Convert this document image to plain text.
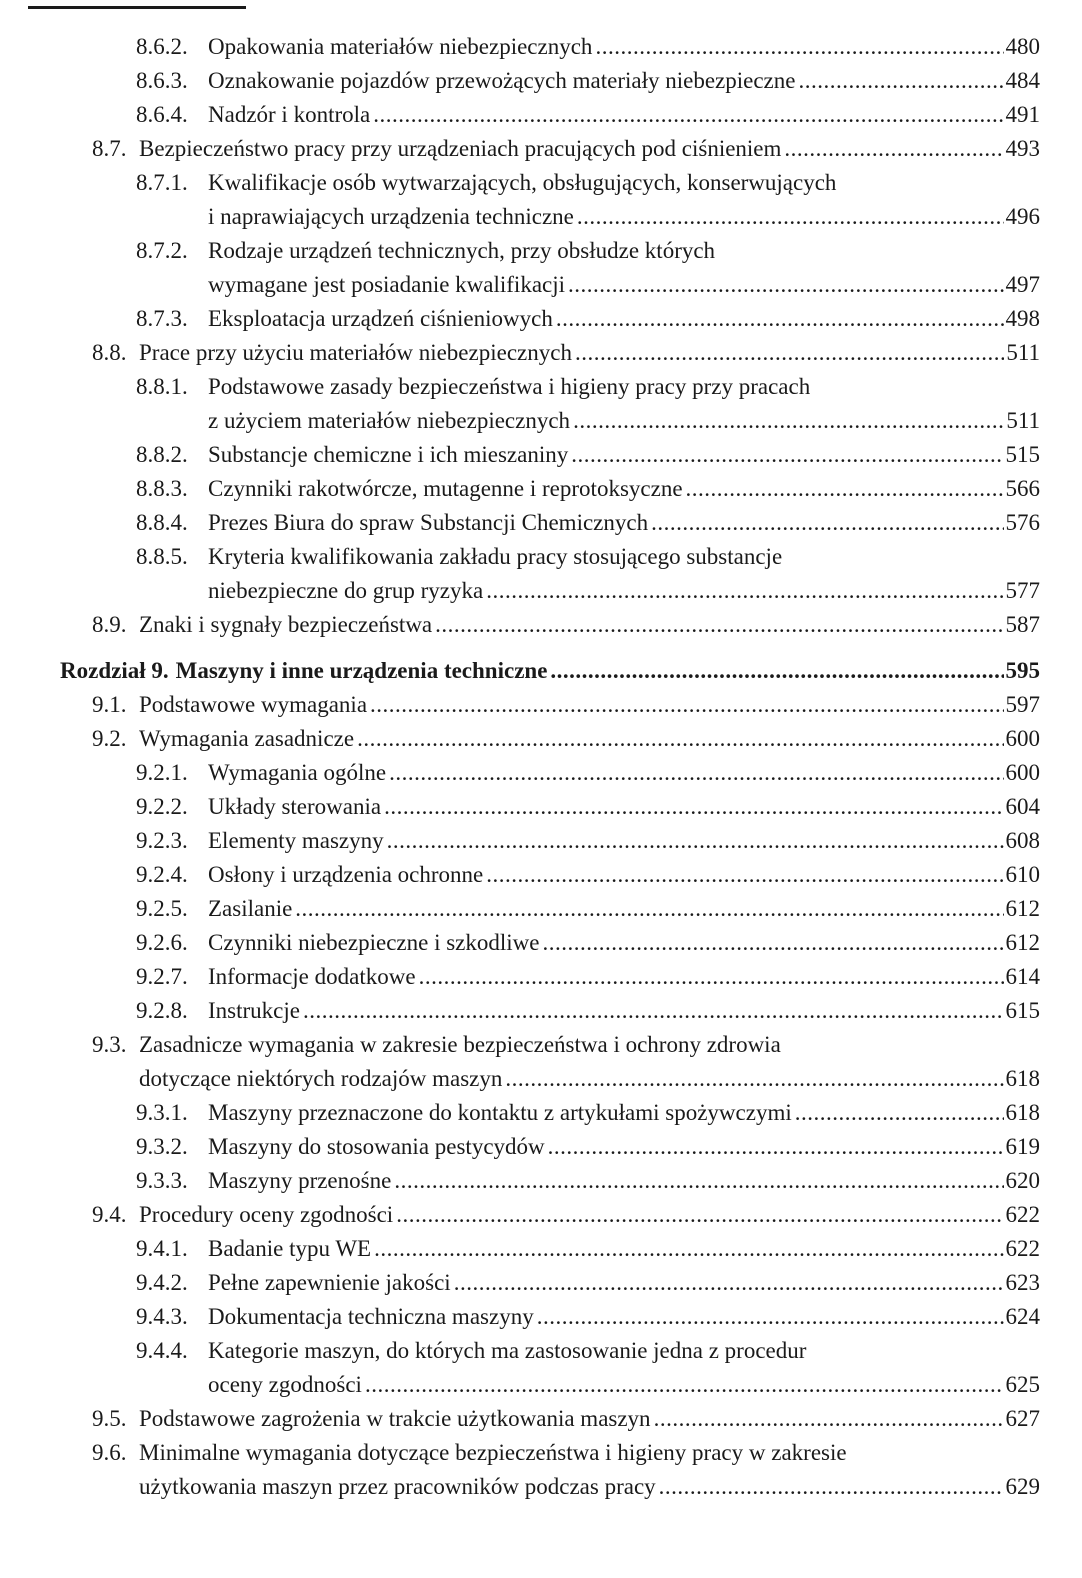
8.6.2. Opakowania materiałów niebezpiecznych .....	480
8.6.3. Oznakowanie pojazdów przewożących materiały niebezpieczne .....	484
8.6.4. Nadzór i kontrola .....	491
8.7. Bezpieczeństwo pracy przy urządzeniach pracujących pod ciśnieniem .....	493
8.7.1. Kwalifikacje osób wytwarzających, obsługujących, konserwujących
i naprawiających urządzenia techniczne .....	496
8.7.2. Rodzaje urządzeń technicznych, przy obsłudze których
wymagane jest posiadanie kwalifikacji .....	497
8.7.3. Eksploatacja urządzeń ciśnieniowych .....	498
8.8. Prace przy użyciu materiałów niebezpiecznych .....	511
8.8.1. Podstawowe zasady bezpieczeństwa i higieny pracy przy pracach
z użyciem materiałów niebezpiecznych .....	511
8.8.2. Substancje chemiczne i ich mieszaniny .....	515
8.8.3. Czynniki rakotwórcze, mutagenne i reprotoksyczne .....	566
8.8.4. Prezes Biura do spraw Substancji Chemicznych .....	576
8.8.5. Kryteria kwalifikowania zakładu pracy stosującego substancje
niebezpieczne do grup ryzyka .....	577
8.9. Znaki i sygnały bezpieczeństwa .....	587
Rozdział 9. Maszyny i inne urządzenia techniczne .....	595
9.1. Podstawowe wymagania .....	597
9.2. Wymagania zasadnicze .....	600
9.2.1. Wymagania ogólne .....	600
9.2.2. Układy sterowania .....	604
9.2.3. Elementy maszyny .....	608
9.2.4. Osłony i urządzenia ochronne .....	610
9.2.5. Zasilanie .....	612
9.2.6. Czynniki niebezpieczne i szkodliwe .....	612
9.2.7. Informacje dodatkowe .....	614
9.2.8. Instrukcje .....	615
9.3. Zasadnicze wymagania w zakresie bezpieczeństwa i ochrony zdrowia
dotyczące niektórych rodzajów maszyn .....	618
9.3.1. Maszyny przeznaczone do kontaktu z artykułami spożywczymi .....	618
9.3.2. Maszyny do stosowania pestycydów .....	619
9.3.3. Maszyny przenośne .....	620
9.4. Procedury oceny zgodności .....	622
9.4.1. Badanie typu WE .....	622
9.4.2. Pełne zapewnienie jakości .....	623
9.4.3. Dokumentacja techniczna maszyny .....	624
9.4.4. Kategorie maszyn, do których ma zastosowanie jedna z procedur
oceny zgodności .....	625
9.5. Podstawowe zagrożenia w trakcie użytkowania maszyn .....	627
9.6. Minimalne wymagania dotyczące bezpieczeństwa i higieny pracy w zakresie
użytkowania maszyn przez pracowników podczas pracy .....	629
